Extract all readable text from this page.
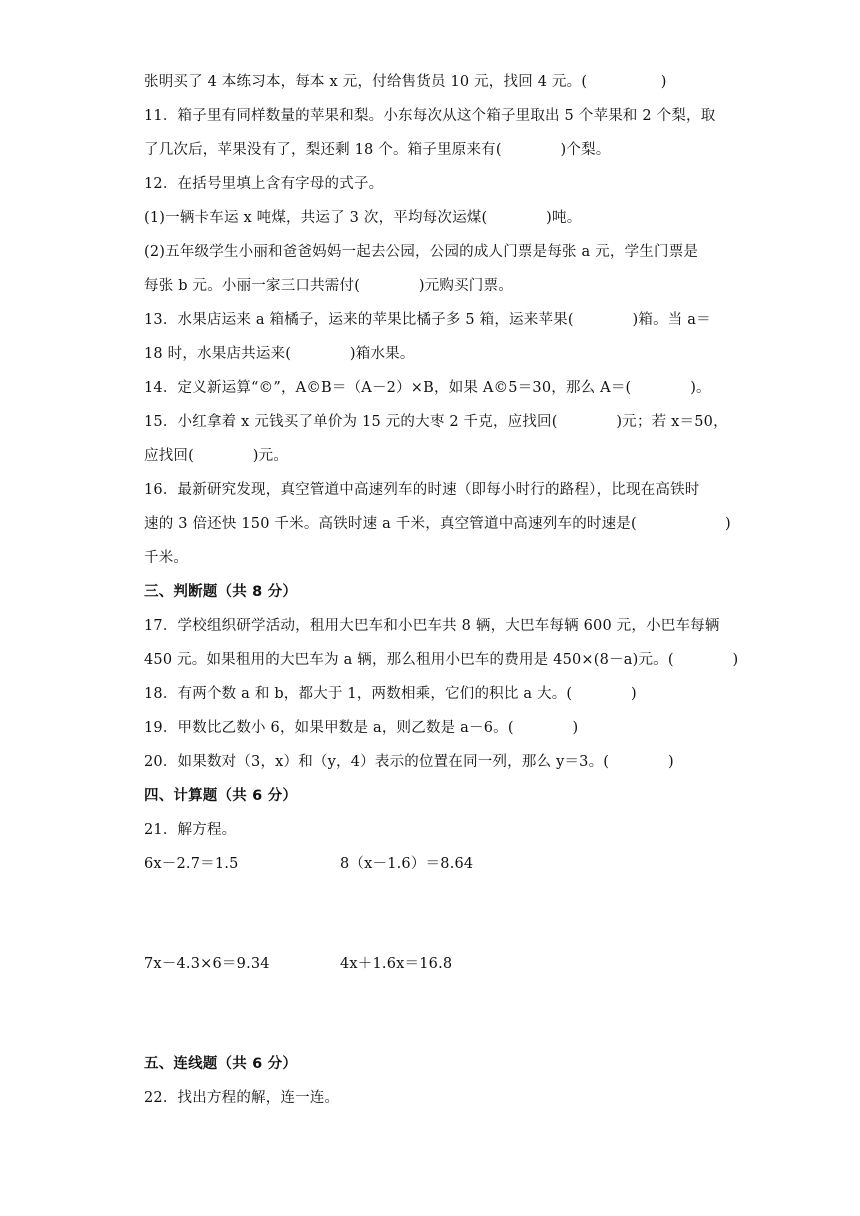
张明买了 4 本练习本，每本 x 元，付给售货员 10 元，找回 4 元。(　　　　　)
11．箱子里有同样数量的苹果和梨。小东每次从这个箱子里取出 5 个苹果和 2 个梨，取
了几次后，苹果没有了，梨还剩 18 个。箱子里原来有(　　　　)个梨。
12．在括号里填上含有字母的式子。
(1)一辆卡车运 x 吨煤，共运了 3 次，平均每次运煤(　　　　)吨。
(2)五年级学生小丽和爸爸妈妈一起去公园，公园的成人门票是每张 a 元，学生门票是
每张 b 元。小丽一家三口共需付(　　　　)元购买门票。
13．水果店运来 a 箱橘子，运来的苹果比橘子多 5 箱，运来苹果(　　　　)箱。当 a＝
18 时，水果店共运来(　　　　)箱水果。
14．定义新运算“©”，A©B＝（A－2）×B，如果 A©5＝30，那么 A＝(　　　　)。
15．小红拿着 x 元钱买了单价为 15 元的大枣 2 千克，应找回(　　　　)元；若 x＝50，
应找回(　　　　)元。
16．最新研究发现，真空管道中高速列车的时速（即每小时行的路程），比现在高铁时
速的 3 倍还快 150 千米。高铁时速 a 千米，真空管道中高速列车的时速是(　　　　　　)
千米。
三、判断题（共 8 分）
17．学校组织研学活动，租用大巴车和小巴车共 8 辆，大巴车每辆 600 元，小巴车每辆
450 元。如果租用的大巴车为 a 辆，那么租用小巴车的费用是 450×(8－a)元。(　　　　)
18．有两个数 a 和 b，都大于 1，两数相乘，它们的积比 a 大。(　　　　)
19．甲数比乙数小 6，如果甲数是 a，则乙数是 a－6。(　　　　)
20．如果数对（3，x）和（y，4）表示的位置在同一列，那么 y＝3。(　　　　)
四、计算题（共 6 分）
21．解方程。
6x－2.7＝1.5	8（x－1.6）＝8.64
7x－4.3×6＝9.34	4x＋1.6x＝16.8
五、连线题（共 6 分）
22．找出方程的解，连一连。
